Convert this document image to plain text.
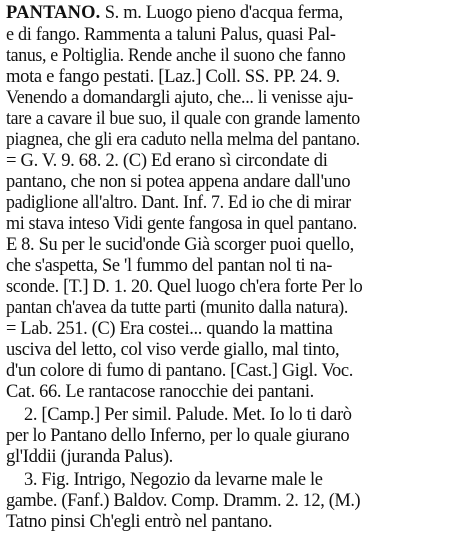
PANTANO. S. m. Luogo pieno d'acqua ferma,
e di fango. Rammenta a taluni Palus, quasi Pal-
tanus, e Poltiglia. Rende anche il suono che fanno
mota e fango pestati. [Laz.] Coll. SS. PP. 24. 9.
Venendo a domandargli ajuto, che... li venisse aju-
tare a cavare il bue suo, il quale con grande lamento
piagnea, che gli era caduto nella melma del pantano.
= G. V. 9. 68. 2. (C) Ed erano sì circondate di
pantano, che non si potea appena andare dall'uno
padiglione all'altro. Dant. Inf. 7. Ed io che di mirar
mi stava inteso Vidi gente fangosa in quel pantano.
E 8. Su per le sucid'onde Già scorger puoi quello,
che s'aspetta, Se 'l fummo del pantan nol ti na-
sconde. [T.] D. 1. 20. Quel luogo ch'era forte Per lo
pantan ch'avea da tutte parti (munito dalla natura).
= Lab. 251. (C) Era costei... quando la mattina
usciva del letto, col viso verde giallo, mal tinto,
d'un colore di fumo di pantano. [Cast.] Gigl. Voc.
Cat. 66. Le rantacose ranocchie dei pantani.
2. [Camp.] Per simil. Palude. Met. Io lo ti darò
per lo Pantano dello Inferno, per lo quale giurano
gl'Iddii (juranda Palus).
3. Fig. Intrigo, Negozio da levarne male le
gambe. (Fanf.) Baldov. Comp. Dramm. 2. 12, (M.)
Tatno pinsi Ch'egli entrò nel pantano.
